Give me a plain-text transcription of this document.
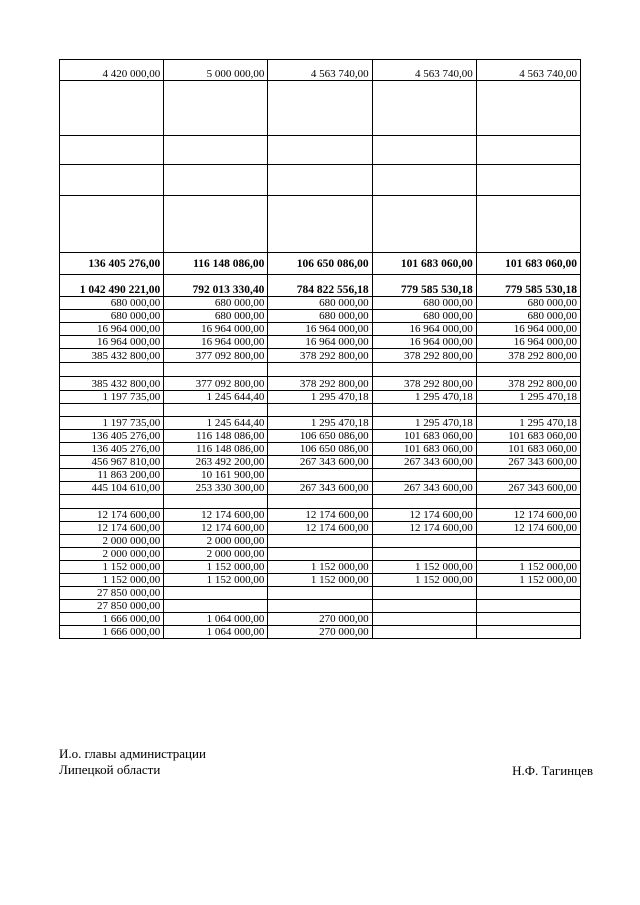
4 420 000,00	5 000 000,00	4 563 740,00	4 563 740,00	4 563 740,00

136 405 276,00	116 148 086,00	106 650 086,00	101 683 060,00	101 683 060,00
1 042 490 221,00	792 013 330,40	784 822 556,18	779 585 530,18	779 585 530,18
680 000,00	680 000,00	680 000,00	680 000,00	680 000,00
680 000,00	680 000,00	680 000,00	680 000,00	680 000,00
16 964 000,00	16 964 000,00	16 964 000,00	16 964 000,00	16 964 000,00
16 964 000,00	16 964 000,00	16 964 000,00	16 964 000,00	16 964 000,00
385 432 800,00	377 092 800,00	378 292 800,00	378 292 800,00	378 292 800,00

385 432 800,00	377 092 800,00	378 292 800,00	378 292 800,00	378 292 800,00
1 197 735,00	1 245 644,40	1 295 470,18	1 295 470,18	1 295 470,18

1 197 735,00	1 245 644,40	1 295 470,18	1 295 470,18	1 295 470,18
136 405 276,00	116 148 086,00	106 650 086,00	101 683 060,00	101 683 060,00
136 405 276,00	116 148 086,00	106 650 086,00	101 683 060,00	101 683 060,00
456 967 810,00	263 492 200,00	267 343 600,00	267 343 600,00	267 343 600,00
11 863 200,00	10 161 900,00			
445 104 610,00	253 330 300,00	267 343 600,00	267 343 600,00	267 343 600,00

12 174 600,00	12 174 600,00	12 174 600,00	12 174 600,00	12 174 600,00
12 174 600,00	12 174 600,00	12 174 600,00	12 174 600,00	12 174 600,00
2 000 000,00	2 000 000,00			
2 000 000,00	2 000 000,00			
1 152 000,00	1 152 000,00	1 152 000,00	1 152 000,00	1 152 000,00
1 152 000,00	1 152 000,00	1 152 000,00	1 152 000,00	1 152 000,00
27 850 000,00				
27 850 000,00				
1 666 000,00	1 064 000,00	270 000,00		
1 666 000,00	1 064 000,00	270 000,00		
И.о. главы администрации
Липецкой области	Н.Ф. Тагинцев
